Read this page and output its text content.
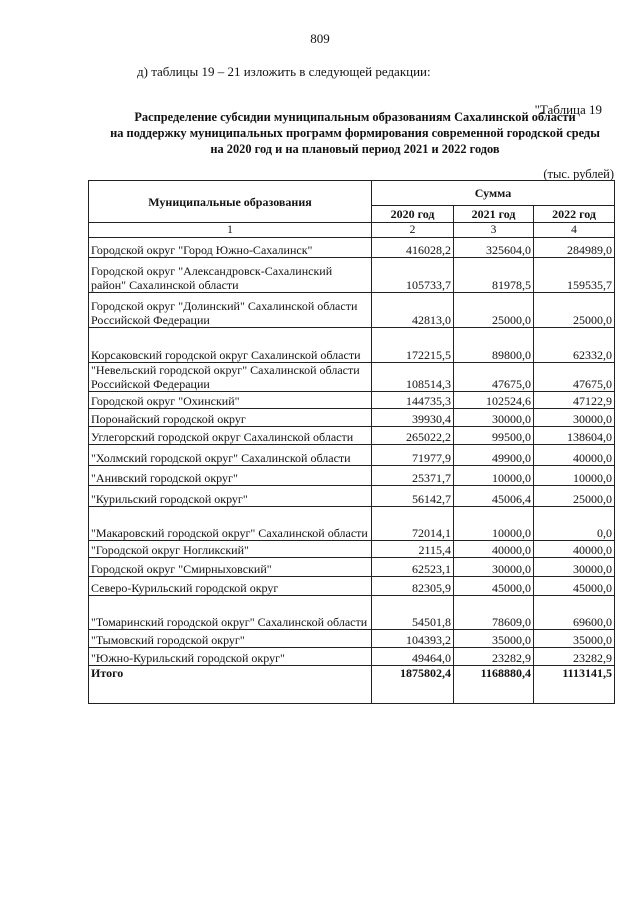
809
д) таблицы 19 – 21 изложить в следующей редакции:
"Таблица 19
Распределение субсидии муниципальным образованиям Сахалинской области
на поддержку муниципальных программ формирования современной городской среды
на 2020 год и на плановый период 2021 и 2022 годов
(тыс. рублей)
Муниципальные образования	Сумма		
	2020 год	2021 год	2022 год
1	2	3	4
Городской округ "Город Южно-Сахалинск"	416028,2	325604,0	284989,0
Городской округ "Александровск-Сахалинский район" Сахалинской области	105733,7	81978,5	159535,7
Городской округ "Долинский" Сахалинской области Российской Федерации	42813,0	25000,0	25000,0
Корсаковский городской округ Сахалинской области	172215,5	89800,0	62332,0
"Невельский городской округ" Сахалинской области Российской Федерации	108514,3	47675,0	47675,0
Городской округ "Охинский"	144735,3	102524,6	47122,9
Поронайский городской округ	39930,4	30000,0	30000,0
Углегорский городской округ Сахалинской области	265022,2	99500,0	138604,0
"Холмский городской округ" Сахалинской области	71977,9	49900,0	40000,0
"Анивский городской округ"	25371,7	10000,0	10000,0
"Курильский городской округ"	56142,7	45006,4	25000,0
"Макаровский городской округ" Сахалинской области	72014,1	10000,0	0,0
"Городской округ Ногликский"	2115,4	40000,0	40000,0
Городской округ "Смирныховский"	62523,1	30000,0	30000,0
Северо-Курильский городской округ	82305,9	45000,0	45000,0
"Томаринский городской округ" Сахалинской области	54501,8	78609,0	69600,0
"Тымовский городской округ"	104393,2	35000,0	35000,0
"Южно-Курильский городской округ"	49464,0	23282,9	23282,9
Итого	1875802,4	1168880,4	1113141,5
